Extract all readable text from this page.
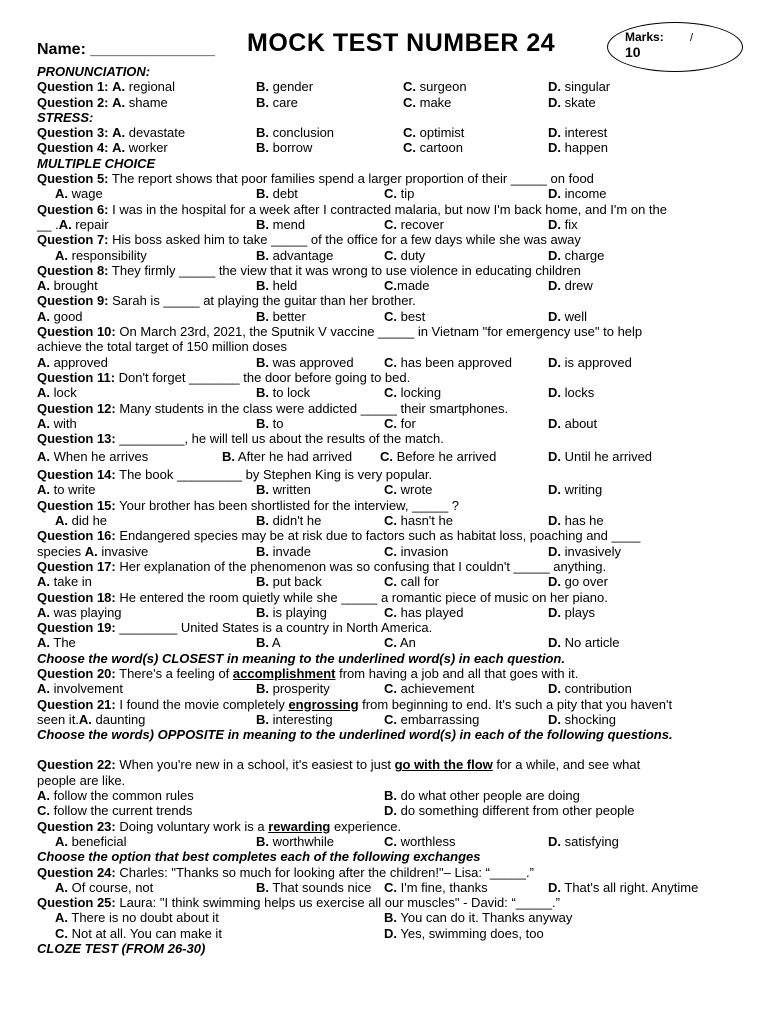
Name: ______________ MOCK TEST NUMBER 24	Marks: /
10
PRONUNCIATION:
Question 1: A. regional	B. gender	C. surgeon	D. singular
Question 2: A. shame	B. care	C. make	D. skate
STRESS:
Question 3: A. devastate	B. conclusion	C. optimist	D. interest
Question 4: A. worker	B. borrow	C. cartoon	D. happen
MULTIPLE CHOICE
Question 5: The report shows that poor families spend a larger proportion of their _____ on food
A. wage	B. debt	C. tip	D. income
Question 6: I was in the hospital for a week after I contracted malaria, but now I'm back home, and I'm on the
__ .A. repair	B. mend	C. recover	D. fix
Question 7: His boss asked him to take _____ of the office for a few days while she was away
A. responsibility	B. advantage	C. duty	D. charge
Question 8: They firmly _____ the view that it was wrong to use violence in educating children
A. brought	B. held	C.made	D. drew
Question 9: Sarah is _____ at playing the guitar than her brother.
A. good	B. better	C. best	D. well
Question 10: On March 23rd, 2021, the Sputnik V vaccine _____ in Vietnam "for emergency use" to help
achieve the total target of 150 million doses
A. approved	B. was approved C. has been approved	D. is approved
Question 11: Don't forget _______ the door before going to bed.
A. lock	B. to lock	C. locking	D. locks
Question 12: Many students in the class were addicted _____ their smartphones.
A. with	B. to	C. for	D. about
Question 13: _________, he will tell us about the results of the match.
A. When he arrives	B. After he had arrived C. Before he arrived	D. Until he arrived
Question 14: The book _________ by Stephen King is very popular.
A. to write	B. written	C. wrote	D. writing
Question 15: Your brother has been shortlisted for the interview, _____ ?
A. did he	B. didn't he	C. hasn't he	D. has he
Question 16: Endangered species may be at risk due to factors such as habitat loss, poaching and ____
species A. invasive	B. invade	C. invasion	D. invasively
Question 17: Her explanation of the phenomenon was so confusing that I couldn't _____ anything.
A. take in	B. put back	C. call for	D. go over
Question 18: He entered the room quietly while she _____ a romantic piece of music on her piano.
A. was playing	B. is playing	C. has played	D. plays
Question 19: ________ United States is a country in North America.
A. The	B. A	C. An	D. No article
Choose the word(s) CLOSEST in meaning to the underlined word(s) in each question.
Question 20: There's a feeling of accomplishment from having a job and all that goes with it.
A. involvement	B. prosperity	C. achievement	D. contribution
Question 21: I found the movie completely engrossing from beginning to end. It's such a pity that you haven't
seen it.A. daunting	B. interesting	C. embarrassing	D. shocking
Choose the words) OPPOSITE in meaning to the underlined word(s) in each of the following questions.
Question 22: When you're new in a school, it's easiest to just go with the flow for a while, and see what
people are like.
A. follow the common rules	B. do what other people are doing
C. follow the current trends	D. do something different from other people
Question 23: Doing voluntary work is a rewarding experience.
A. beneficial	B. worthwhile	C. worthless	D. satisfying
Choose the option that best completes each of the following exchanges
Question 24: Charles: "Thanks so much for looking after the children!"– Lisa: “_____.”
A. Of course, not	B. That sounds nice C. I'm fine, thanks	D. That's all right. Anytime
Question 25: Laura: "I think swimming helps us exercise all our muscles" - David: “_____.”
A. There is no doubt about it	B. You can do it. Thanks anyway
C. Not at all. You can make it	D. Yes, swimming does, too
CLOZE TEST (FROM 26-30)
